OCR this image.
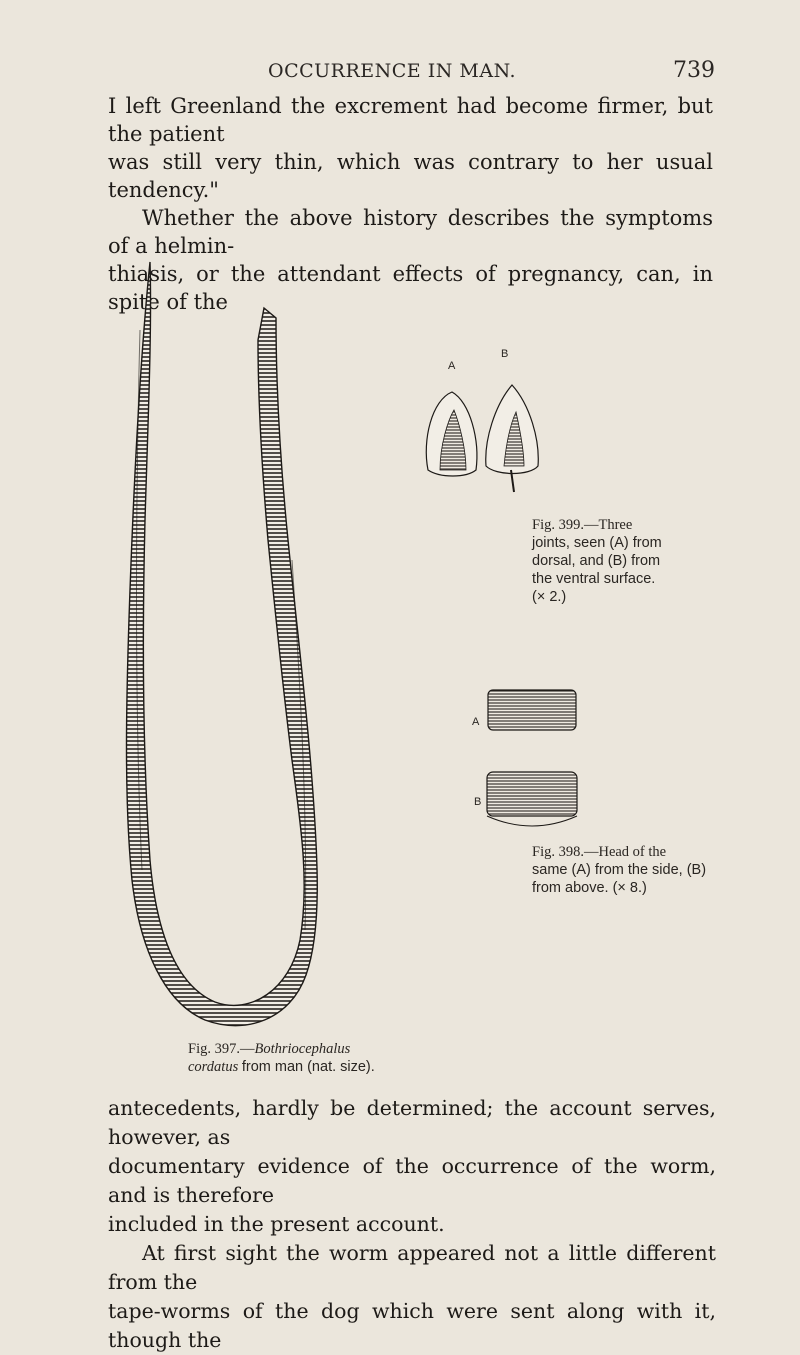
OCCURRENCE IN MAN.	739
I left Greenland the excrement had become firmer, but the patient
was still very thin, which was contrary to her usual tendency."
Whether the above history describes the symptoms of a helmin-
thiasis, or the attendant effects of pregnancy, can, in spite of the
A
B
Fig. 399.—Three
joints, seen (A) from
dorsal, and (B) from
the ventral surface.
(× 2.)
A
B
Fig. 398.—Head of the
same (A) from the side, (B)
from above. (× 8.)
Fig. 397.—Bothriocephalus
cordatus from man (nat. size).
antecedents, hardly be determined; the account serves, however, as
documentary evidence of the occurrence of the worm, and is therefore
included in the present account.
At first sight the worm appeared not a little different from the
tape-worms of the dog which were sent along with it, though the
